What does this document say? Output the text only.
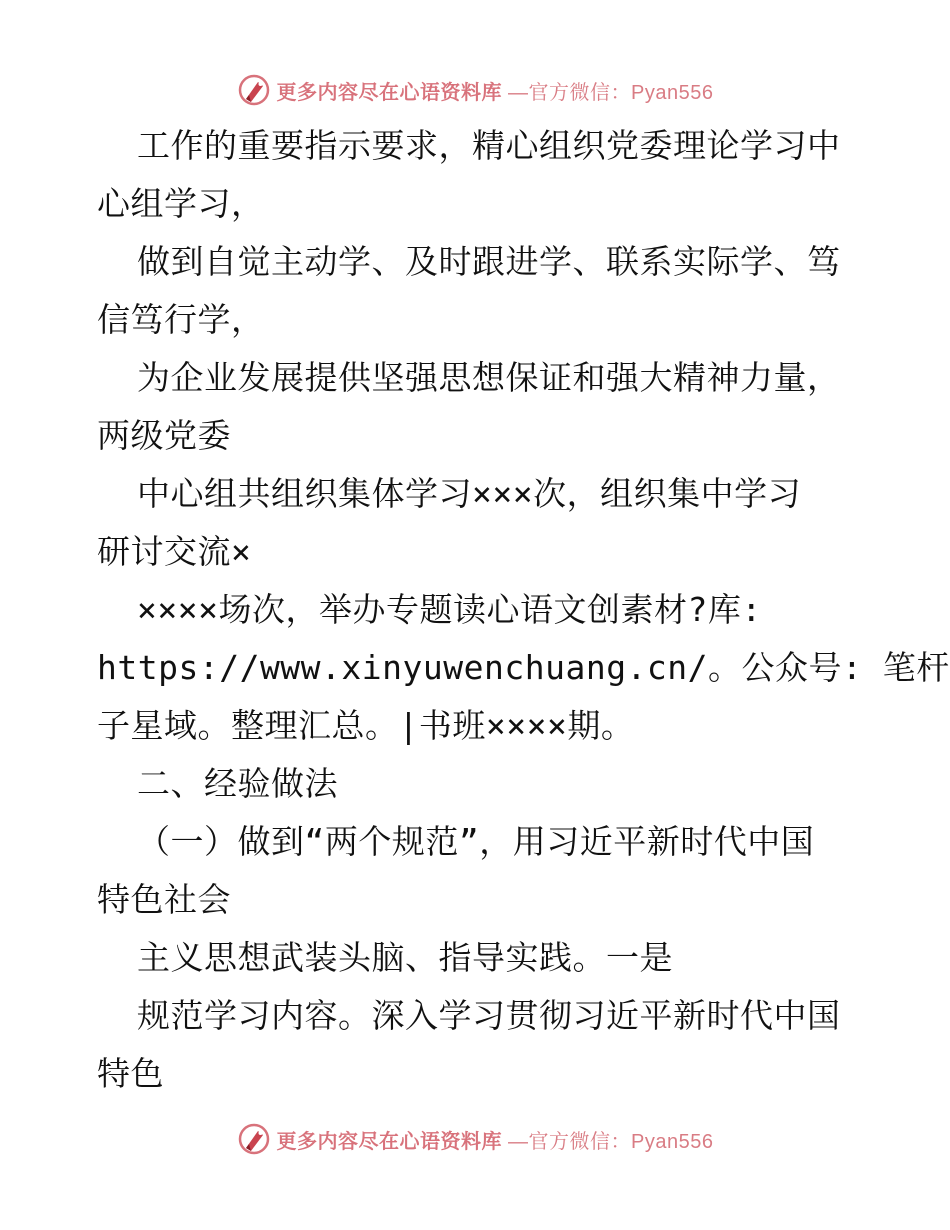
更多内容尽在心语资料库 —官方微信：Pyan556
工作的重要指示要求，精心组织党委理论学习中
心组学习，
做到自觉主动学、及时跟进学、联系实际学、笃
信笃行学，
为企业发展提供坚强思想保证和强大精神力量，
两级党委
中心组共组织集体学习×××次，组织集中学习
研讨交流×
××××场次，举办专题读心语文创素材?库:
https://www.xinyuwenchuang.cn/。公众号: 笔杆
子星域。整理汇总。|书班××××期。
二、经验做法
（一）做到“两个规范”，用习近平新时代中国
特色社会
主义思想武装头脑、指导实践。一是
规范学习内容。深入学习贯彻习近平新时代中国
特色
更多内容尽在心语资料库 —官方微信：Pyan556
